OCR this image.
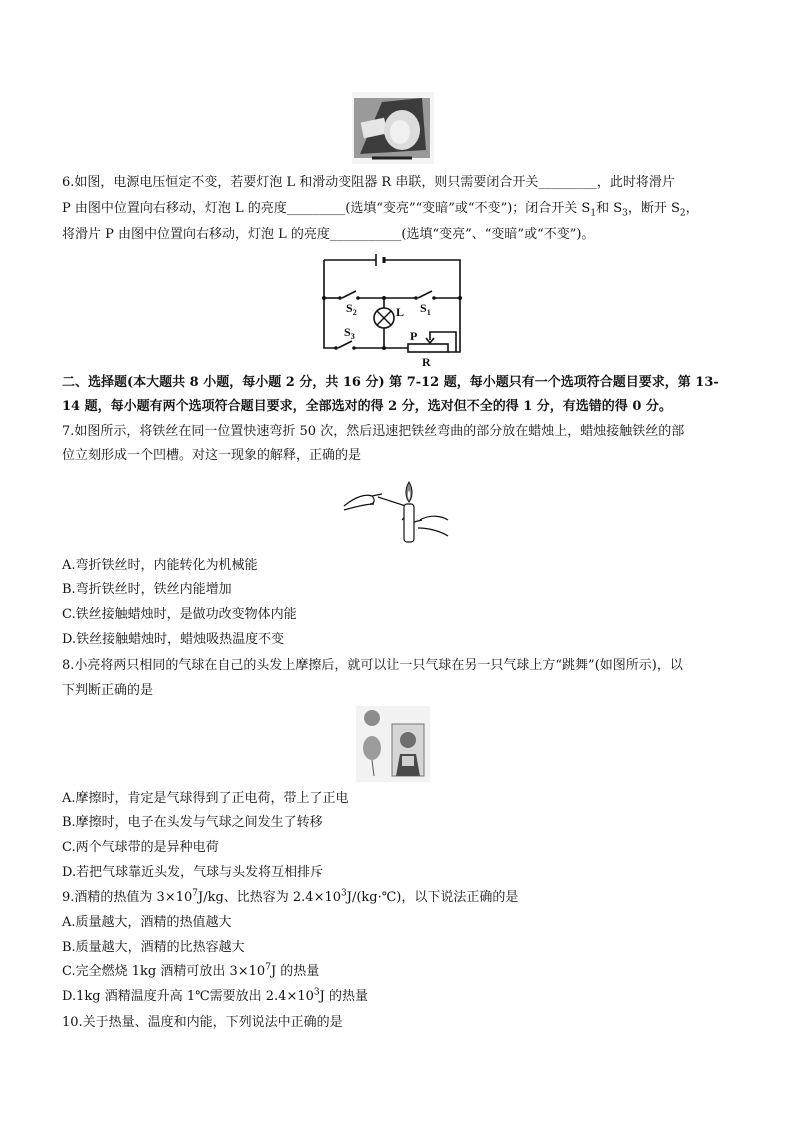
6.如图，电源电压恒定不变，若要灯泡 L 和滑动变阻器 R 串联，则只需要闭合开关_________，此时将滑片
P 由图中位置向右移动，灯泡 L 的亮度_________(选填“变亮”“变暗”或“不变”)；闭合开关 $S_1$和 $S_3$，断开 $S_2$，
将滑片 P 由图中位置向右移动，灯泡 L 的亮度___________(选填“变亮”、“变暗”或“不变”)。
$S_2$	$S_1$
$S_3$
L
P
R
二、选择题(本大题共 8 小题，每小题 2 分，共 16 分) 第 7-12 题，每小题只有一个选项符合题目要求，第 13-
14 题，每小题有两个选项符合题目要求，全部选对的得 2 分，选对但不全的得 1 分，有选错的得 0 分。
7.如图所示，将铁丝在同一位置快速弯折 50 次，然后迅速把铁丝弯曲的部分放在蜡烛上，蜡烛接触铁丝的部
位立刻形成一个凹槽。对这一现象的解释，正确的是
A.弯折铁丝时，内能转化为机械能
B.弯折铁丝时，铁丝内能增加
C.铁丝接触蜡烛时，是做功改变物体内能
D.铁丝接触蜡烛时，蜡烛吸热温度不变
8.小亮将两只相同的气球在自己的头发上摩擦后，就可以让一只气球在另一只气球上方“跳舞”(如图所示)，以
下判断正确的是
A.摩擦时，肯定是气球得到了正电荷，带上了正电
B.摩擦时，电子在头发与气球之间发生了转移
C.两个气球带的是异种电荷
D.若把气球靠近头发，气球与头发将互相排斥
9.酒精的热值为 $3\times 10^7J/kg$、比热容为 $2.4\times 10^3J/(kg\cdot℃)$，以下说法正确的是
A.质量越大，酒精的热值越大
B.质量越大，酒精的比热容越大
C.完全燃烧 1kg 酒精可放出 $3\times 10^7J$ 的热量
D.1kg 酒精温度升高 1℃需要放出 $2.4\times 10^3J$ 的热量
10.关于热量、温度和内能，下列说法中正确的是
